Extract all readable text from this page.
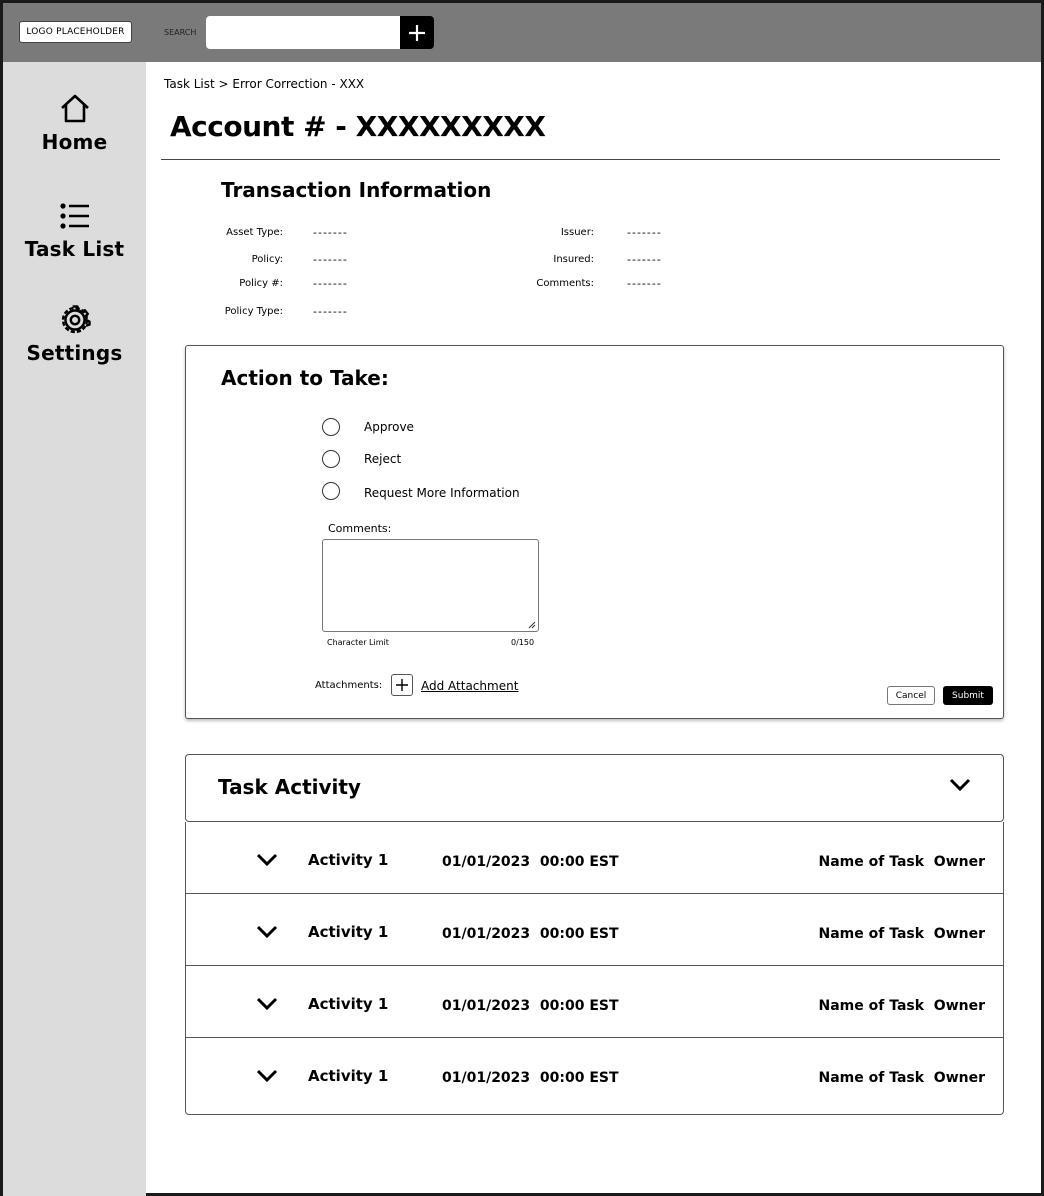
LOGO PLACEHOLDER	SEARCH
Home
Task List
Settings
Task List > Error Correction - XXX
Account # - XXXXXXXXX
Transaction Information
Asset Type:	-------
Policy:	-------
Policy #:	-------
Policy Type:	-------
Issuer:	-------
Insured:	-------
Comments:	-------
Action to Take:
Approve
Reject
Request More Information
Comments:
Character Limit	0/150
Attachments:	Add Attachment
Cancel	Submit
Task Activity
Activity 1	01/01/2023  00:00 EST	Name of Task  Owner
Activity 1	01/01/2023  00:00 EST	Name of Task  Owner
Activity 1	01/01/2023  00:00 EST	Name of Task  Owner
Activity 1	01/01/2023  00:00 EST	Name of Task  Owner
